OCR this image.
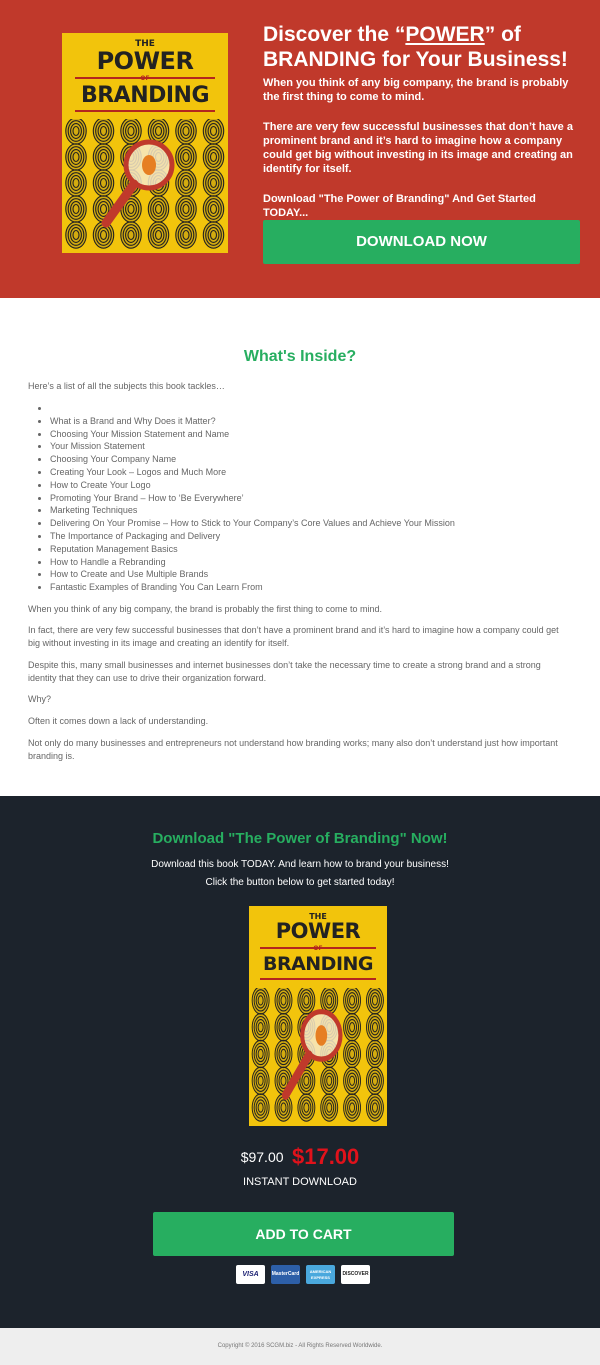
THE
POWER
OF
BRANDING
Discover the “POWER” of BRANDING for Your Business!

When you think of any big company, the brand is probably the first thing to come to mind.

There are very few successful businesses that don’t have a prominent brand and it’s hard to imagine how a company could get big without investing in its image and creating an identify for itself.

Download "The Power of Branding" And Get Started TODAY...

DOWNLOAD NOW
What's Inside?

Here’s a list of all the subjects this book tackles…

•
• What is a Brand and Why Does it Matter?
• Choosing Your Mission Statement and Name
• Your Mission Statement
• Choosing Your Company Name
• Creating Your Look – Logos and Much More
• How to Create Your Logo
• Promoting Your Brand – How to ‘Be Everywhere’
• Marketing Techniques
• Delivering On Your Promise – How to Stick to Your Company’s Core Values and Achieve Your Mission
• The Importance of Packaging and Delivery
• Reputation Management Basics
• How to Handle a Rebranding
• How to Create and Use Multiple Brands
• Fantastic Examples of Branding You Can Learn From

When you think of any big company, the brand is probably the first thing to come to mind.

In fact, there are very few successful businesses that don’t have a prominent brand and it’s hard to imagine how a company could get big without investing in its image and creating an identify for itself.

Despite this, many small businesses and internet businesses don’t take the necessary time to create a strong brand and a strong identity that they can use to drive their organization forward.

Why?

Often it comes down a lack of understanding.

Not only do many businesses and entrepreneurs not understand how branding works; many also don’t understand just how important branding is.

Download "The Power of Branding" Now!

Download this book TODAY. And learn how to brand your business!

Click the button below to get started today!

THE
POWER
OF
BRANDING
$97.00 $17.00
INSTANT DOWNLOAD
ADD TO CART
VISA	MasterCard	AMERICAN EXPRESS
DISCOVER

Copyright © 2016 SCGM.biz - All Rights Reserved Worldwide.
